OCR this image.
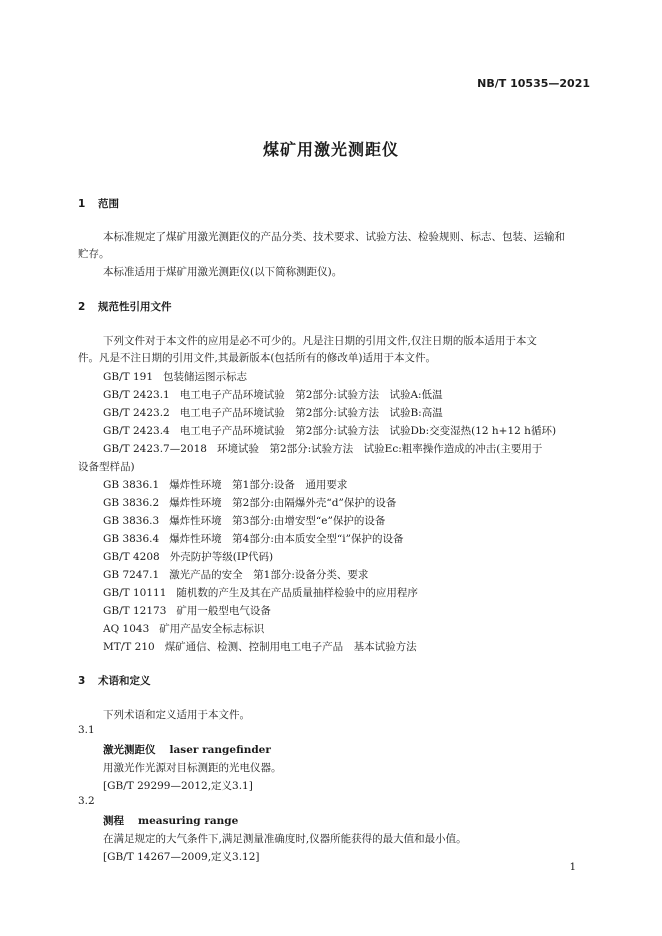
NB/T 10535—2021
煤矿用激光测距仪
1 范围
本标准规定了煤矿用激光测距仪的产品分类、技术要求、试验方法、检验规则、标志、包装、运输和
贮存。
本标准适用于煤矿用激光测距仪(以下简称测距仪)。
2 规范性引用文件
下列文件对于本文件的应用是必不可少的。凡是注日期的引用文件,仅注日期的版本适用于本文
件。凡是不注日期的引用文件,其最新版本(包括所有的修改单)适用于本文件。
GB/T 191 包装储运图示标志
GB/T 2423.1 电工电子产品环境试验　第2部分:试验方法　试验A:低温
GB/T 2423.2 电工电子产品环境试验　第2部分:试验方法　试验B:高温
GB/T 2423.4 电工电子产品环境试验　第2部分:试验方法　试验Db:交变湿热(12 h+12 h循环)
GB/T 2423.7—2018 环境试验　第2部分:试验方法　试验Ec:粗率操作造成的冲击(主要用于
设备型样品)
GB 3836.1 爆炸性环境　第1部分:设备　通用要求
GB 3836.2 爆炸性环境　第2部分:由隔爆外壳“d”保护的设备
GB 3836.3 爆炸性环境　第3部分:由增安型“e”保护的设备
GB 3836.4 爆炸性环境　第4部分:由本质安全型“i”保护的设备
GB/T 4208 外壳防护等级(IP代码)
GB 7247.1 激光产品的安全　第1部分:设备分类、要求
GB/T 10111 随机数的产生及其在产品质量抽样检验中的应用程序
GB/T 12173 矿用一般型电气设备
AQ 1043 矿用产品安全标志标识
MT/T 210 煤矿通信、检测、控制用电工电子产品　基本试验方法
3 术语和定义
下列术语和定义适用于本文件。
3.1
激光测距仪 laser rangefinder
用激光作光源对目标测距的光电仪器。
[GB/T 29299—2012,定义3.1]
3.2
测程 measuring range
在满足规定的大气条件下,满足测量准确度时,仪器所能获得的最大值和最小值。
[GB/T 14267—2009,定义3.12]
1
